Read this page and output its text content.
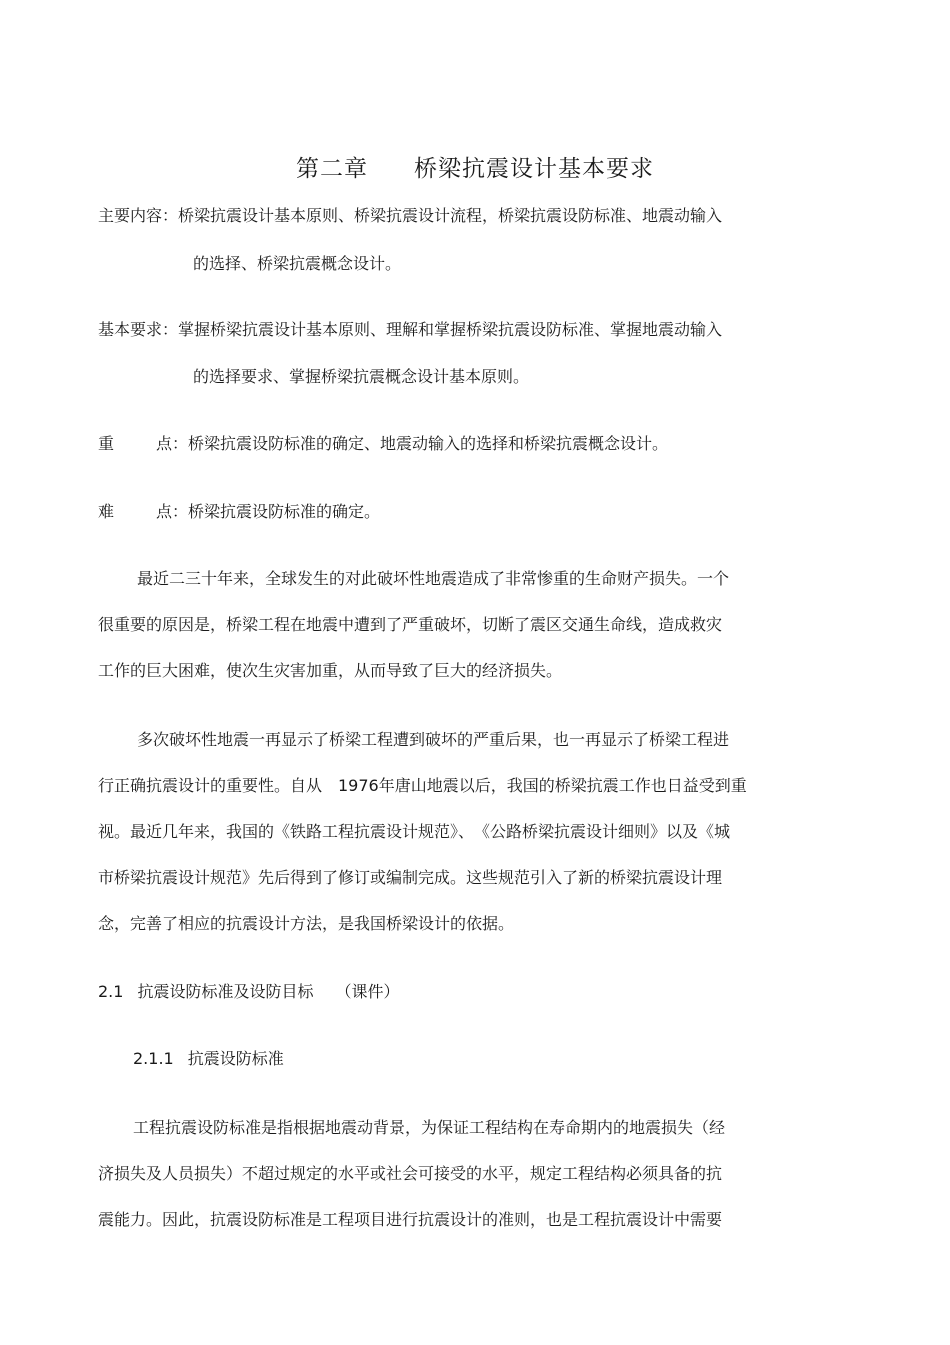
第二章 桥梁抗震设计基本要求
主要内容：桥梁抗震设计基本原则、桥梁抗震设计流程，桥梁抗震设防标准、地震动输入
的选择、桥梁抗震概念设计。
基本要求：掌握桥梁抗震设计基本原则、理解和掌握桥梁抗震设防标准、掌握地震动输入
的选择要求、掌握桥梁抗震概念设计基本原则。
重	点：桥梁抗震设防标准的确定、地震动输入的选择和桥梁抗震概念设计。
难	点：桥梁抗震设防标准的确定。
最近二三十年来，全球发生的对此破坏性地震造成了非常惨重的生命财产损失。一个
很重要的原因是，桥梁工程在地震中遭到了严重破坏，切断了震区交通生命线，造成救灾
工作的巨大困难，使次生灾害加重，从而导致了巨大的经济损失。
多次破坏性地震一再显示了桥梁工程遭到破坏的严重后果，也一再显示了桥梁工程进
行正确抗震设计的重要性。自从　1976年唐山地震以后，我国的桥梁抗震工作也日益受到重
视。最近几年来，我国的《铁路工程抗震设计规范》、　《公路桥梁抗震设计细则》以及《城
市桥梁抗震设计规范》先后得到了修订或编制完成。这些规范引入了新的桥梁抗震设计理
念，完善了相应的抗震设计方法，是我国桥梁设计的依据。
2.1 抗震设防标准及设防目标 （课件）
2.1.1 抗震设防标准
工程抗震设防标准是指根据地震动背景，为保证工程结构在寿命期内的地震损失（经
济损失及人员损失）不超过规定的水平或社会可接受的水平，规定工程结构必须具备的抗
震能力。因此，抗震设防标准是工程项目进行抗震设计的准则，也是工程抗震设计中需要
